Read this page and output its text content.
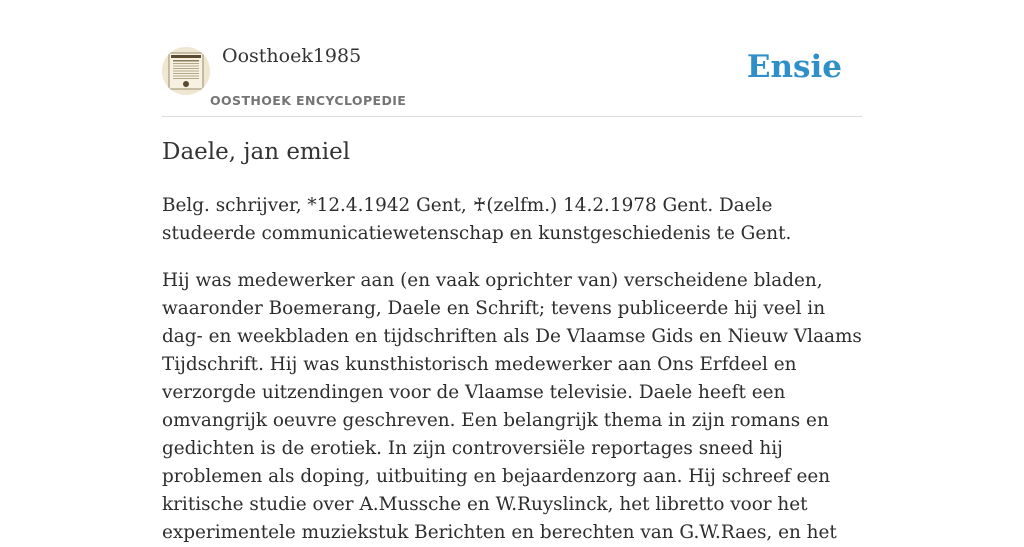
Oosthoek1985
OOSTHOEK ENCYCLOPEDIE
Ensie
Daele, jan emiel

Belg. schrijver, *12.4.1942 Gent, ♰(zelfm.) 14.2.1978 Gent. Daele studeerde communicatiewetenschap en kunstgeschiedenis te Gent.

Hij was medewerker aan (en vaak oprichter van) verscheidene bladen, waaronder Boemerang, Daele en Schrift; tevens publiceerde hij veel in dag- en weekbladen en tijdschriften als De Vlaamse Gids en Nieuw Vlaams Tijdschrift. Hij was kunsthistorisch medewerker aan Ons Erfdeel en verzorgde uitzendingen voor de Vlaamse televisie. Daele heeft een omvangrijk oeuvre geschreven. Een belangrijk thema in zijn romans en gedichten is de erotiek. In zijn controversiële reportages sneed hij problemen als doping, uitbuiting en bejaardenzorg aan. Hij schreef een kritische studie over A.Mussche en W.Ruyslinck, het libretto voor het experimentele muziekstuk Berichten en berechten van G.W.Raes, en het
